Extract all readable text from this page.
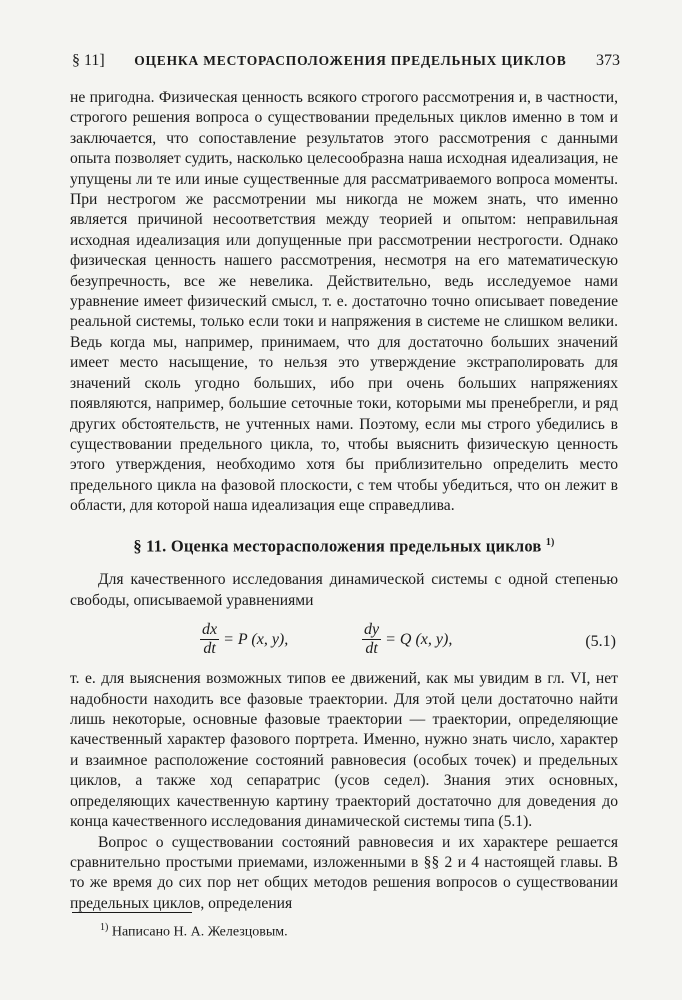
§ 11] ОЦЕНКА МЕСТОРАСПОЛОЖЕНИЯ ПРЕДЕЛЬНЫХ ЦИКЛОВ 373

не пригодна. Физическая ценность всякого строгого рассмотрения и, в частности, строгого решения вопроса о существовании предельных циклов именно в том и заключается, что сопоставление результатов этого рассмотрения с данными опыта позволяет судить, насколько целесообразна наша исходная идеализация, не упущены ли те или иные существенные для рассматриваемого вопроса моменты. При нестрогом же рассмотрении мы никогда не можем знать, что именно является причиной несоответствия между теорией и опытом: неправильная исходная идеализация или допущенные при рассмотрении нестрогости. Однако физическая ценность нашего рассмотрения, несмотря на его математическую безупречность, все же невелика. Действительно, ведь исследуемое нами уравнение имеет физический смысл, т. е. достаточно точно описывает поведение реальной системы, только если токи и напряжения в системе не слишком велики. Ведь когда мы, например, принимаем, что для достаточно больших значений имеет место насыщение, то нельзя это утверждение экстраполировать для значений сколь угодно больших, ибо при очень больших напряжениях появляются, например, большие сеточные токи, которыми мы пренебрегли, и ряд других обстоятельств, не учтенных нами. Поэтому, если мы строго убедились в существовании предельного цикла, то, чтобы выяснить физическую ценность этого утверждения, необходимо хотя бы приблизительно определить место предельного цикла на фазовой плоскости, с тем чтобы убедиться, что он лежит в области, для которой наша идеализация еще справедлива.

§ 11. Оценка месторасположения предельных циклов $^{1)}$

Для качественного исследования динамической системы с одной степенью свободы, описываемой уравнениями

$\frac{dx}{dt} = P$ (x, y),	$\frac{dy}{dt} = Q$ (x, y),	(5.1)

т. е. для выяснения возможных типов ее движений, как мы увидим в гл. VI, нет надобности находить все фазовые траектории. Для этой цели достаточно найти лишь некоторые, основные фазовые траектории — траектории, определяющие качественный характер фазового портрета. Именно, нужно знать число, характер и взаимное расположение состояний равновесия (особых точек) и предельных циклов, а также ход сепаратрис (усов седел). Знания этих основных, определяющих качественную картину траекторий достаточно для доведения до конца качественного исследования динамической системы типа (5.1).

Вопрос о существовании состояний равновесия и их характере решается сравнительно простыми приемами, изложенными в §§ 2 и 4 настоящей главы. В то же время до сих пор нет общих методов решения вопросов о существовании предельных циклов, определения

$^{1)}$ Написано Н. А. Железцовым.
